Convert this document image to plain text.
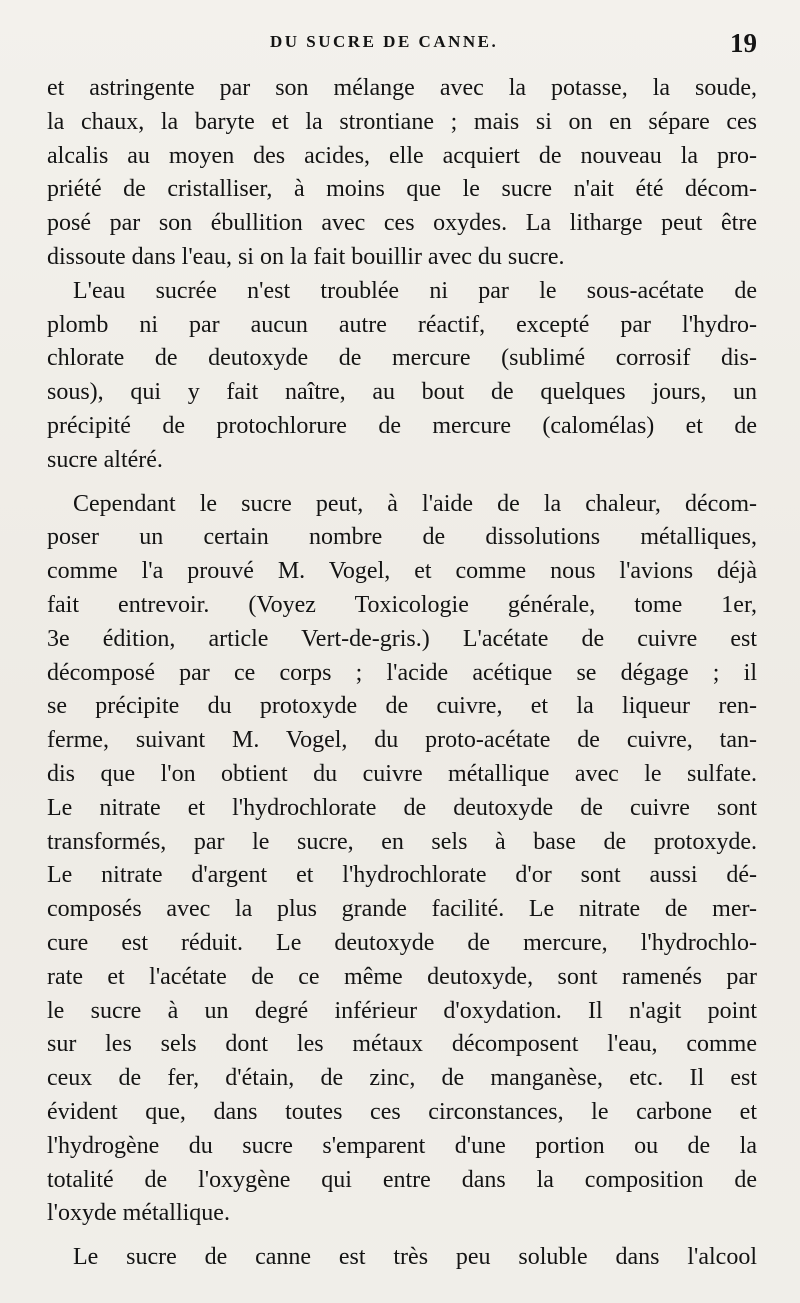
DU SUCRE DE CANNE.	19
et astringente par son mélange avec la potasse, la soude,
la chaux, la baryte et la strontiane ; mais si on en sépare ces
alcalis au moyen des acides, elle acquiert de nouveau la pro-
priété de cristalliser, à moins que le sucre n'ait été décom-
posé par son ébullition avec ces oxydes. La litharge peut être
dissoute dans l'eau, si on la fait bouillir avec du sucre.
L'eau sucrée n'est troublée ni par le sous-acétate de
plomb ni par aucun autre réactif, excepté par l'hydro-
chlorate de deutoxyde de mercure (sublimé corrosif dis-
sous), qui y fait naître, au bout de quelques jours, un
précipité de protochlorure de mercure (calomélas) et de
sucre altéré.
Cependant le sucre peut, à l'aide de la chaleur, décom-
poser un certain nombre de dissolutions métalliques,
comme l'a prouvé M. Vogel, et comme nous l'avions déjà
fait entrevoir. (Voyez Toxicologie générale, tome 1er,
3e édition, article Vert-de-gris.) L'acétate de cuivre est
décomposé par ce corps ; l'acide acétique se dégage ; il
se précipite du protoxyde de cuivre, et la liqueur ren-
ferme, suivant M. Vogel, du proto-acétate de cuivre, tan-
dis que l'on obtient du cuivre métallique avec le sulfate.
Le nitrate et l'hydrochlorate de deutoxyde de cuivre sont
transformés, par le sucre, en sels à base de protoxyde.
Le nitrate d'argent et l'hydrochlorate d'or sont aussi dé-
composés avec la plus grande facilité. Le nitrate de mer-
cure est réduit. Le deutoxyde de mercure, l'hydrochlo-
rate et l'acétate de ce même deutoxyde, sont ramenés par
le sucre à un degré inférieur d'oxydation. Il n'agit point
sur les sels dont les métaux décomposent l'eau, comme
ceux de fer, d'étain, de zinc, de manganèse, etc. Il est
évident que, dans toutes ces circonstances, le carbone et
l'hydrogène du sucre s'emparent d'une portion ou de la
totalité de l'oxygène qui entre dans la composition de
l'oxyde métallique.
Le sucre de canne est très peu soluble dans l'alcool
